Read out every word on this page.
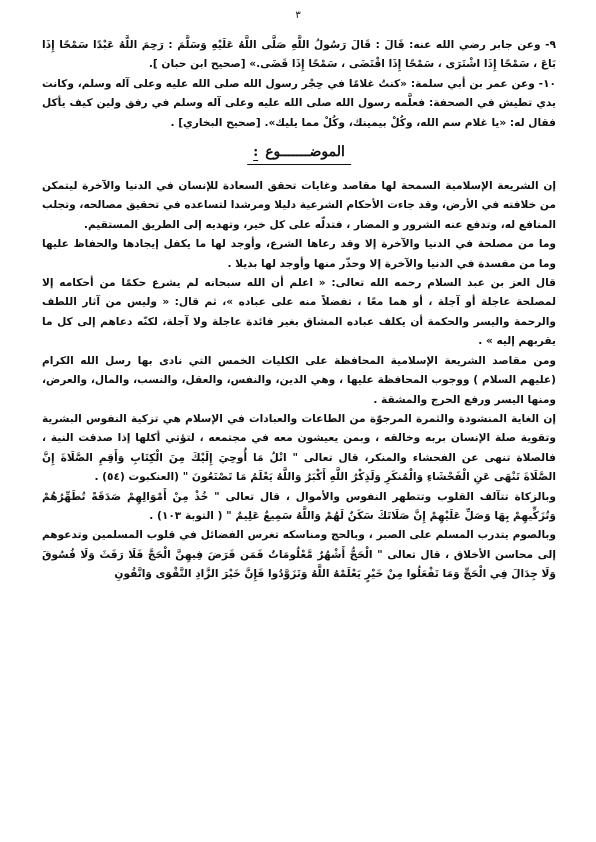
٣

٩- وعن جابر رضي الله عنه: قَالَ : قَالَ رَسُولُ اللَّهِ صَلَّى اللَّهُ عَلَيْهِ وَسَلَّمَ : رَحِمَ اللَّهُ عَبْدًا سَمْحًا إِذَا بَاعَ ، سَمْحًا إِذَا اشْتَرَى ، سَمْحًا إِذَا اقْتَضَى ، سَمْحًا إِذَا قَضَى.» [صحيح ابن حبان ].

١٠- وعن عمر بن أبي سلمة: «كنتُ غلامًا في حِجْر رسول الله صلى الله عليه وعلى آله وسلم، وكانت يدي تطيش في الصحفة: فعلَّمه رسول الله صلى الله عليه وعلى آله وسلم في رفق ولين كيف يأكل فقال له: «يا غلام سم الله، وكُلْ بيمينك، وكُلْ مما يليك». [صحيح البخاري] .

الموضـــــــوع :

إن الشريعة الإسلامية السمحة لها مقاصد وغايات تحقق السعادة للإنسان في الدنيا والآخرة ليتمكن من خلافته في الأرض، وقد جاءت الأحكام الشرعية دليلا ومرشدا لتساعده في تحقيق مصالحه، وتجلب المنافع له، وتدفع عنه الشرور و المضار ، فتدلّه على كل خير، وتهديه إلى الطريق المستقيم.

وما من مصلحة في الدنيا والآخرة إلا وقد رعاها الشرع، وأوجد لها ما يكفل إيجادها والحفاظ عليها وما من مفسدة في الدنيا والآخرة إلا وحذّر منها وأوجد لها بديلا .

قال العز بن عبد السلام رحمه الله تعالى: « اعلم أن الله سبحانه لم يشرع حكمًا من أحكامه إلا لمصلحة عاجلة أو آجلة ، أو هما معًا ، تفضلاً منه على عباده »، ثم قال: « وليس من آثار اللطف والرحمة واليسر والحكمة أن يكلف عباده المشاق بغير فائدة عاجلة ولا آجلة، لكنّه دعاهم إلى كل ما يقربهم إليه » .

ومن مقاصد الشريعة الإسلامية المحافظة على الكليات الخمس التي نادى بها رسل الله الكرام (عليهم السلام ) ووجوب المحافظة عليها ، وهي الدين، والنفس، والعقل، والنسب، والمال، والعرض، ومنها اليسر ورفع الحرج والمشقة .

إن الغاية المنشودة والثمرة المرجوّة من الطاعات والعبادات في الإسلام هي تزكية النفوس البشرية وتقوية صلة الإنسان بربه وخالقه ، وبمن يعيشون معه في مجتمعه ، لتؤتي أكلها إذا صدقت النية ، فالصلاة تنهى عن الفحشاء والمنكر، قال تعالى " اتْلُ مَا أُوحِيَ إِلَيْكَ مِنَ الْكِتَابِ وَأَقِمِ الصَّلَاةَ إِنَّ الصَّلَاةَ تَنْهَى عَنِ الْفَحْشَاءِ وَالْمُنكَرِ وَلَذِكْرُ اللَّهِ أَكْبَرُ وَاللَّهُ يَعْلَمُ مَا تَصْنَعُونَ " (العنكبوت (٥٤) .

وبالزكاة تتآلف القلوب وتتطهر النفوس والأموال ، قال تعالى " خُذْ مِنْ أَمْوَالِهِمْ صَدَقَةً تُطَهِّرُهُمْ وَتُزَكِّيهِمْ بِهَا وَصَلِّ عَلَيْهِمْ إِنَّ صَلَاتَكَ سَكَنٌ لَهُمْ وَاللَّهُ سَمِيعٌ عَلِيمٌ " ( التوبة ١٠٣) .

وبالصوم يتدرب المسلم على الصبر ، وبالحج ومناسكه تغرس الفضائل في قلوب المسلمين وتدعوهم إلى محاسن الأخلاق ، قال تعالى " الْحَجُّ أَشْهُرٌ مَّعْلُومَاتٌ فَمَن فَرَضَ فِيهِنَّ الْحَجَّ فَلَا رَفَثَ وَلَا فُسُوقَ وَلَا جِدَالَ فِي الْحَجِّ وَمَا تَفْعَلُوا مِنْ خَيْرٍ يَعْلَمْهُ اللَّهُ وَتَزَوَّدُوا فَإِنَّ خَيْرَ الزَّادِ التَّقْوَى وَاتَّقُونِ
